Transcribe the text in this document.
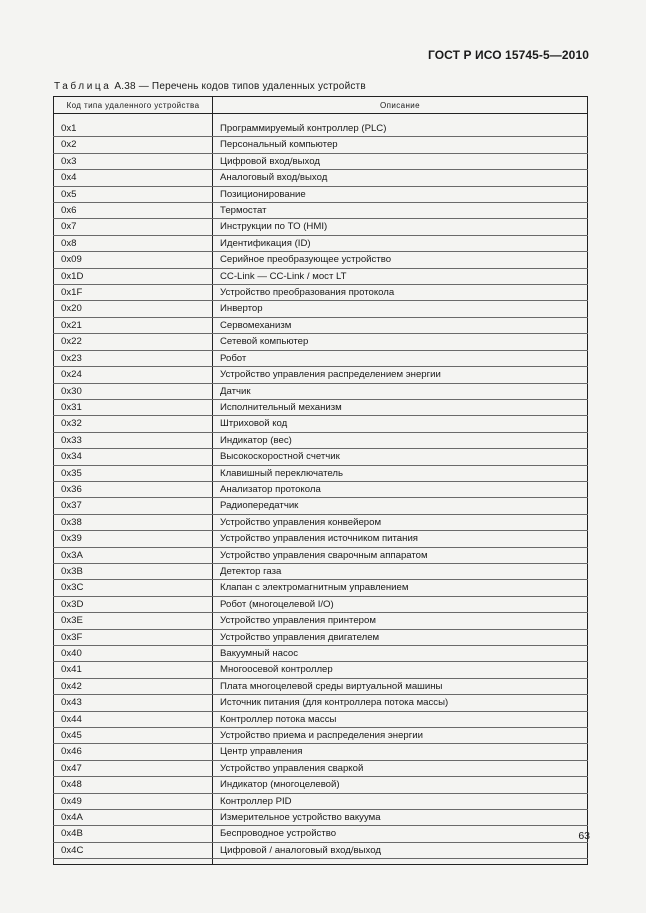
ГОСТ Р ИСО 15745-5—2010
Таблица А.38 — Перечень кодов типов удаленных устройств
Код типа удаленного устройства	Описание

0x1	Программируемый контроллер (PLC)
0x2	Персональный компьютер
0x3	Цифровой вход/выход
0x4	Аналоговый вход/выход
0x5	Позиционирование
0x6	Термостат
0x7	Инструкции по ТО (HMI)
0x8	Идентификация (ID)
0x09	Серийное преобразующее устройство
0x1D	CC-Link — CC-Link / мост LT
0x1F	Устройство преобразования протокола
0x20	Инвертор
0x21	Сервомеханизм
0x22	Сетевой компьютер
0x23	Робот
0x24	Устройство управления распределением энергии
0x30	Датчик
0x31	Исполнительный механизм
0x32	Штриховой код
0x33	Индикатор (вес)
0x34	Высокоскоростной счетчик
0x35	Клавишный переключатель
0x36	Анализатор протокола
0x37	Радиопередатчик
0x38	Устройство управления конвейером
0x39	Устройство управления источником питания
0x3A	Устройство управления сварочным аппаратом
0x3B	Детектор газа
0x3C	Клапан с электромагнитным управлением
0x3D	Робот (многоцелевой I/O)
0x3E	Устройство управления принтером
0x3F	Устройство управления двигателем
0x40	Вакуумный насос
0x41	Многоосевой контроллер
0x42	Плата многоцелевой среды виртуальной машины
0x43	Источник питания (для контроллера потока массы)
0x44	Контроллер потока массы
0x45	Устройство приема и распределения энергии
0x46	Центр управления
0x47	Устройство управления сваркой
0x48	Индикатор (многоцелевой)
0x49	Контроллер PID
0x4A	Измерительное устройство вакуума
0x4B	Беспроводное устройство
0x4C	Цифровой / аналоговый вход/выход

63
